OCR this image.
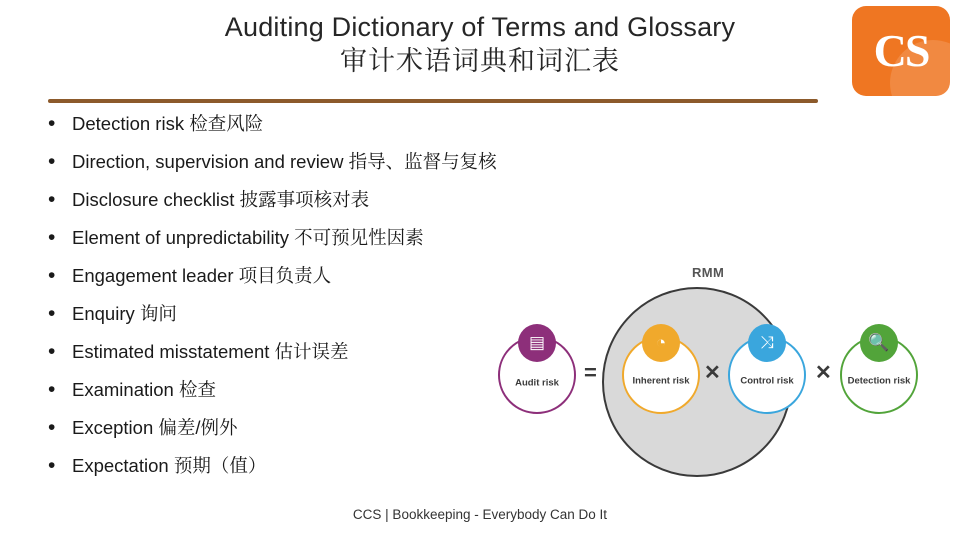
Auditing Dictionary of Terms and Glossary
审计术语词典和词汇表	CS
• Detection risk 检查风险
• Direction, supervision and review 指导、监督与复核
• Disclosure checklist 披露事项核对表
• Element of unpredictability 不可预见性因素
• Engagement leader 项目负责人
• Enquiry 询问
• Estimated misstatement 估计误差
• Examination 检查
• Exception 偏差/例外
• Expectation 预期（值）
RMM
=	✕	✕
▤
Audit risk
◔
Inherent risk
⤨
Control risk
🔍
Detection risk
CCS | Bookkeeping - Everybody Can Do It
